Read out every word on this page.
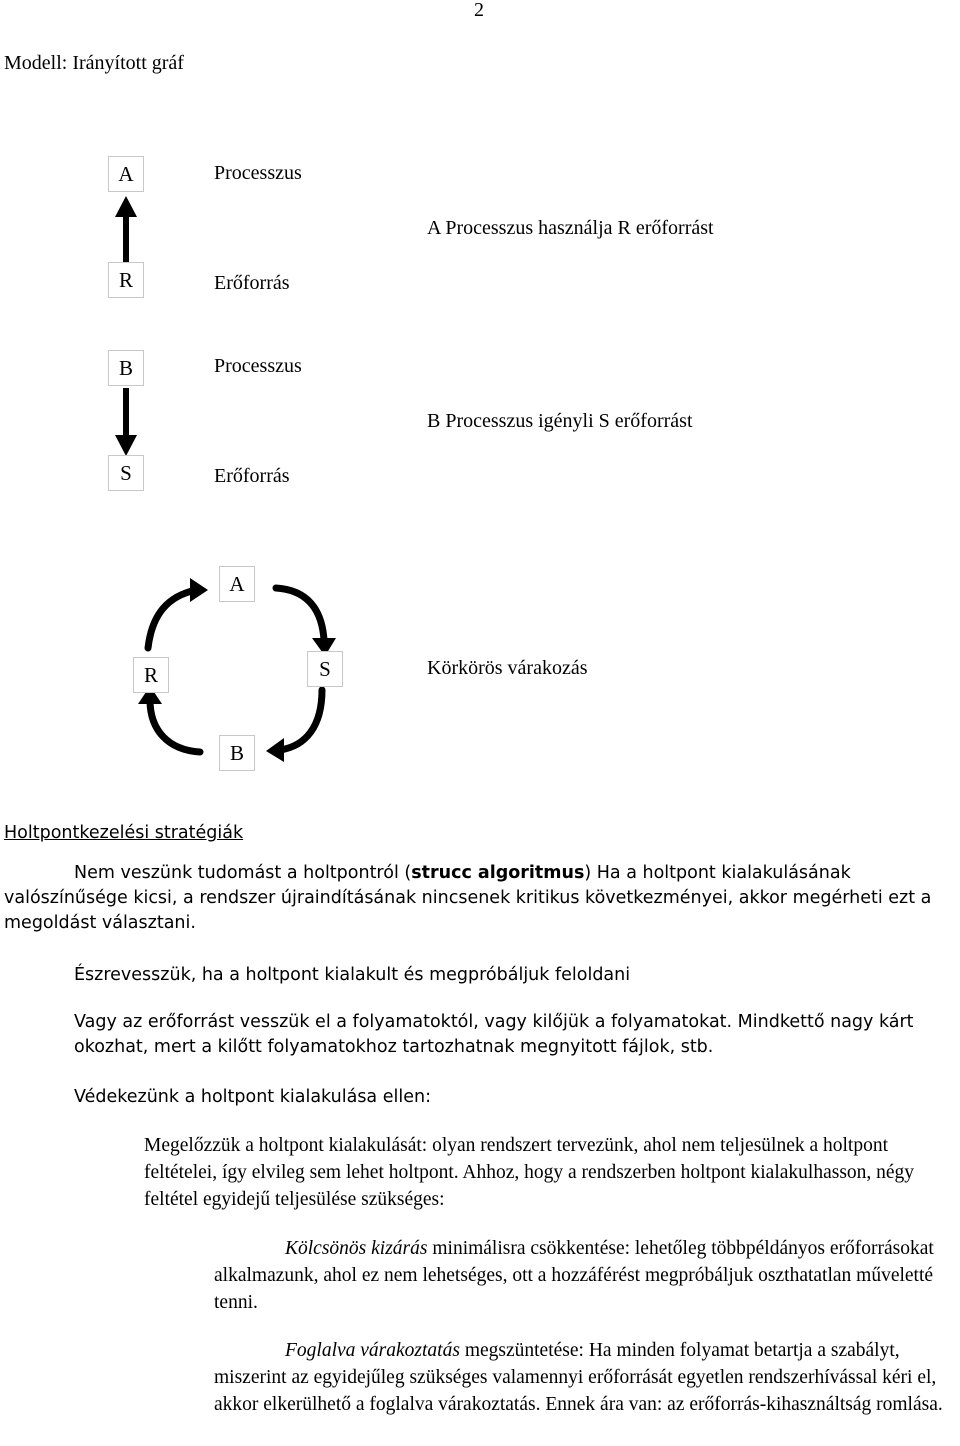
2
Modell: Irányított gráf
A
R
Processzus
Erőforrás
A Processzus használja R erőforrást
B
S
Processzus
Erőforrás
B Processzus igényli S erőforrást
A
R	S
B
Körkörös várakozás
Holtpontkezelési stratégiák
Nem veszünk tudomást a holtpontról (strucc algoritmus) Ha a holtpont kialakulásának valószínűsége kicsi, a rendszer újraindításának nincsenek kritikus következményei, akkor megérheti ezt a megoldást választani.
Észrevesszük, ha a holtpont kialakult és megpróbáljuk feloldani
Vagy az erőforrást vesszük el a folyamatoktól, vagy kilőjük a folyamatokat. Mindkettő nagy kárt okozhat, mert a kilőtt folyamatokhoz tartozhatnak megnyitott fájlok, stb.
Védekezünk a holtpont kialakulása ellen:
Megelőzzük a holtpont kialakulását: olyan rendszert tervezünk, ahol nem teljesülnek a holtpont feltételei, így elvileg sem lehet holtpont. Ahhoz, hogy a rendszerben holtpont kialakulhasson, négy feltétel egyidejű teljesülése szükséges:
Kölcsönös kizárás minimálisra csökkentése: lehetőleg többpéldányos erőforrásokat alkalmazunk, ahol ez nem lehetséges, ott a hozzáférést megpróbáljuk oszthatatlan műveletté tenni.
Foglalva várakoztatás megszüntetése: Ha minden folyamat betartja a szabályt, miszerint az egyidejűleg szükséges valamennyi erőforrását egyetlen rendszerhívással kéri el, akkor elkerülhető a foglalva várakoztatás. Ennek ára van: az erőforrás-kihasználtság romlása.
